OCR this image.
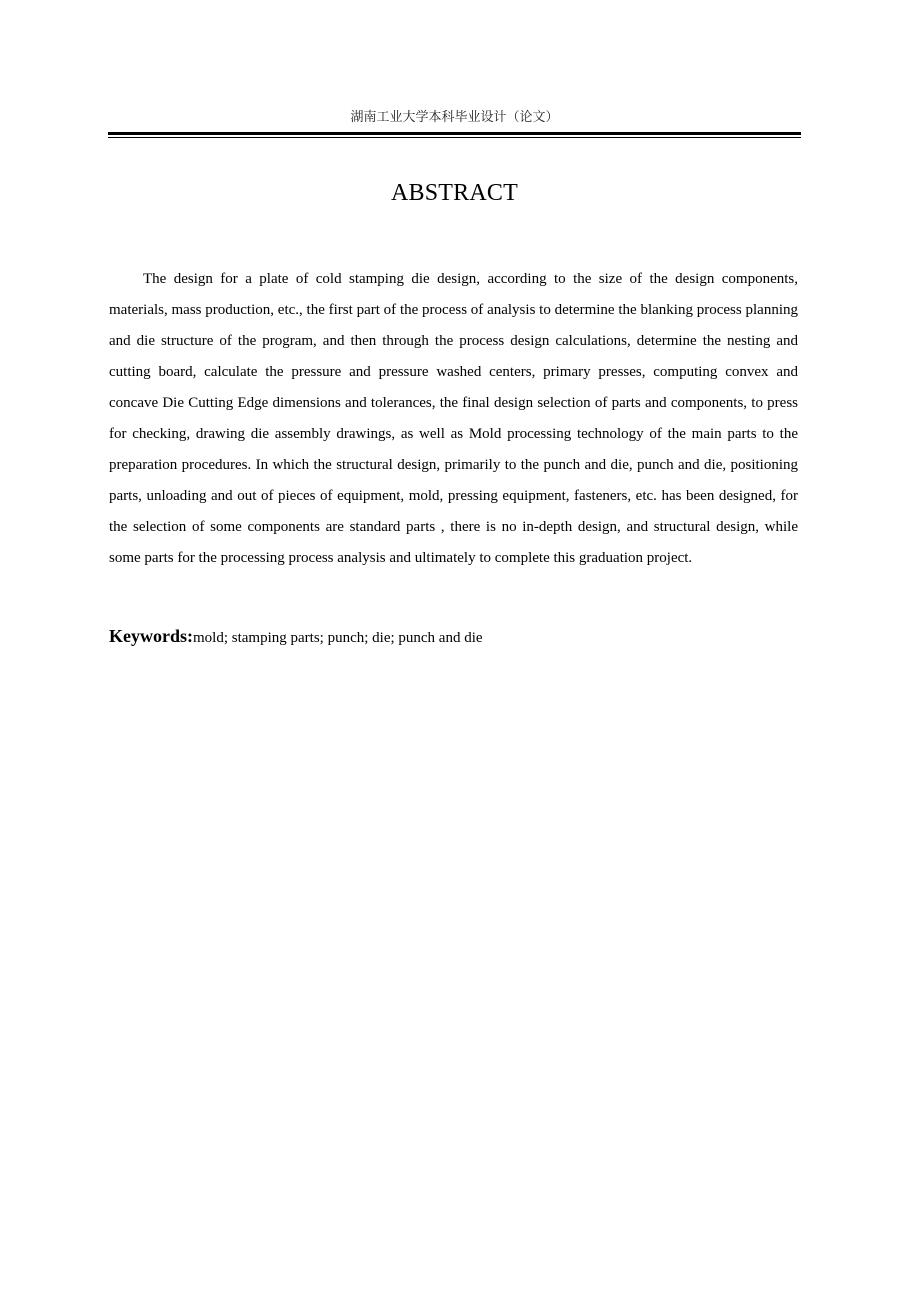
湖南工业大学本科毕业设计（论文）
ABSTRACT

The design for a plate of cold stamping die design, according to the size of the design components, materials, mass production, etc., the first part of the process of analysis to determine the blanking process planning and die structure of the program, and then through the process design calculations, determine the nesting and cutting board, calculate the pressure and pressure washed centers, primary presses, computing convex and concave Die Cutting Edge dimensions and tolerances, the final design selection of parts and components, to press for checking, drawing die assembly drawings, as well as Mold processing technology of the main parts to the preparation procedures. In which the structural design, primarily to the punch and die, punch and die, positioning parts, unloading and out of pieces of equipment, mold, pressing equipment, fasteners, etc. has been designed, for the selection of some components are standard parts , there is no in-depth design, and structural design, while some parts for the processing process analysis and ultimately to complete this graduation project.

Keywords:mold; stamping parts; punch; die; punch and die
